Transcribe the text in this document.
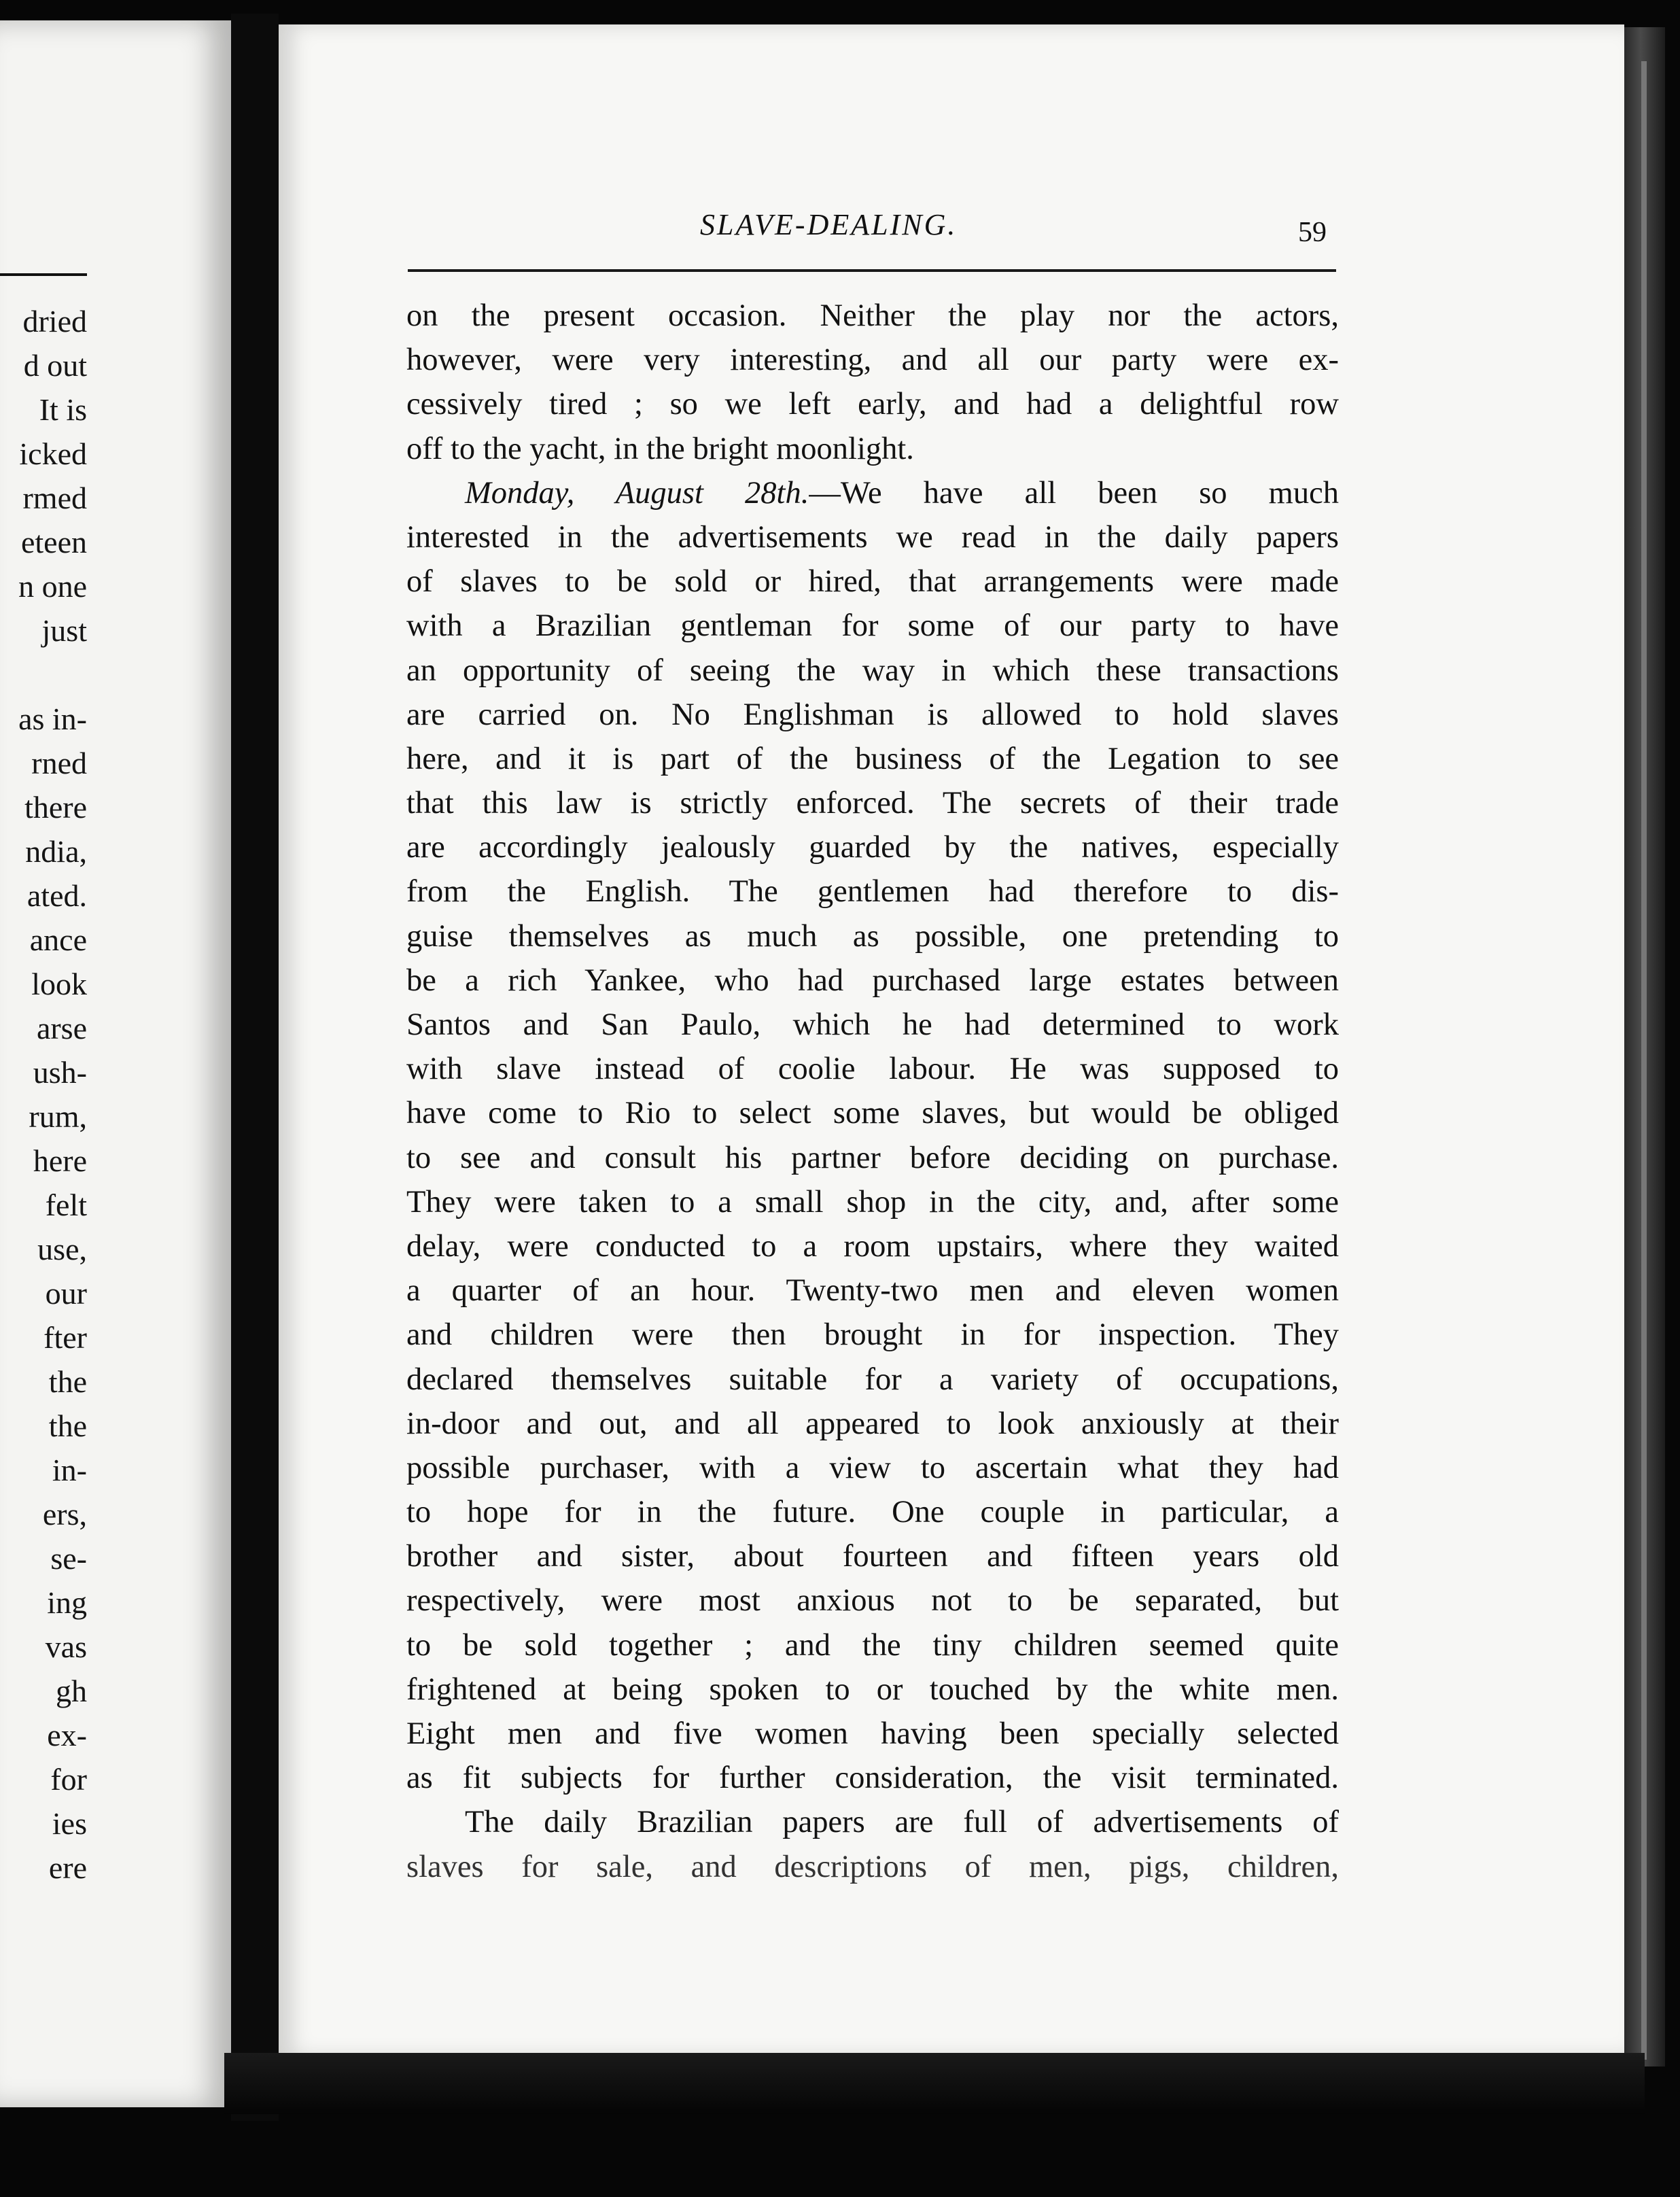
dried
d out
It is
icked
rmed
eteen
n one
just
as in-
rned
there
ndia,
ated.
ance
look
arse
ush-
rum,
here
felt
use,
our
fter
the
the
in-
ers,
se-
ing
vas
gh
ex-
for
ies
ere
SLAVE-DEALING.	59
on the present occasion. Neither the play nor the actors,
however, were very interesting, and all our party were ex-
cessively tired ; so we left early, and had a delightful row
off to the yacht, in the bright moonlight.
Monday, August 28th.—We have all been so much
interested in the advertisements we read in the daily papers
of slaves to be sold or hired, that arrangements were made
with a Brazilian gentleman for some of our party to have
an opportunity of seeing the way in which these transactions
are carried on. No Englishman is allowed to hold slaves
here, and it is part of the business of the Legation to see
that this law is strictly enforced. The secrets of their trade
are accordingly jealously guarded by the natives, especially
from the English. The gentlemen had therefore to dis-
guise themselves as much as possible, one pretending to
be a rich Yankee, who had purchased large estates between
Santos and San Paulo, which he had determined to work
with slave instead of coolie labour. He was supposed to
have come to Rio to select some slaves, but would be obliged
to see and consult his partner before deciding on purchase.
They were taken to a small shop in the city, and, after some
delay, were conducted to a room upstairs, where they waited
a quarter of an hour. Twenty-two men and eleven women
and children were then brought in for inspection. They
declared themselves suitable for a variety of occupations,
in-door and out, and all appeared to look anxiously at their
possible purchaser, with a view to ascertain what they had
to hope for in the future. One couple in particular, a
brother and sister, about fourteen and fifteen years old
respectively, were most anxious not to be separated, but
to be sold together ; and the tiny children seemed quite
frightened at being spoken to or touched by the white men.
Eight men and five women having been specially selected
as fit subjects for further consideration, the visit terminated.
The daily Brazilian papers are full of advertisements of
slaves for sale, and descriptions of men, pigs, children,
